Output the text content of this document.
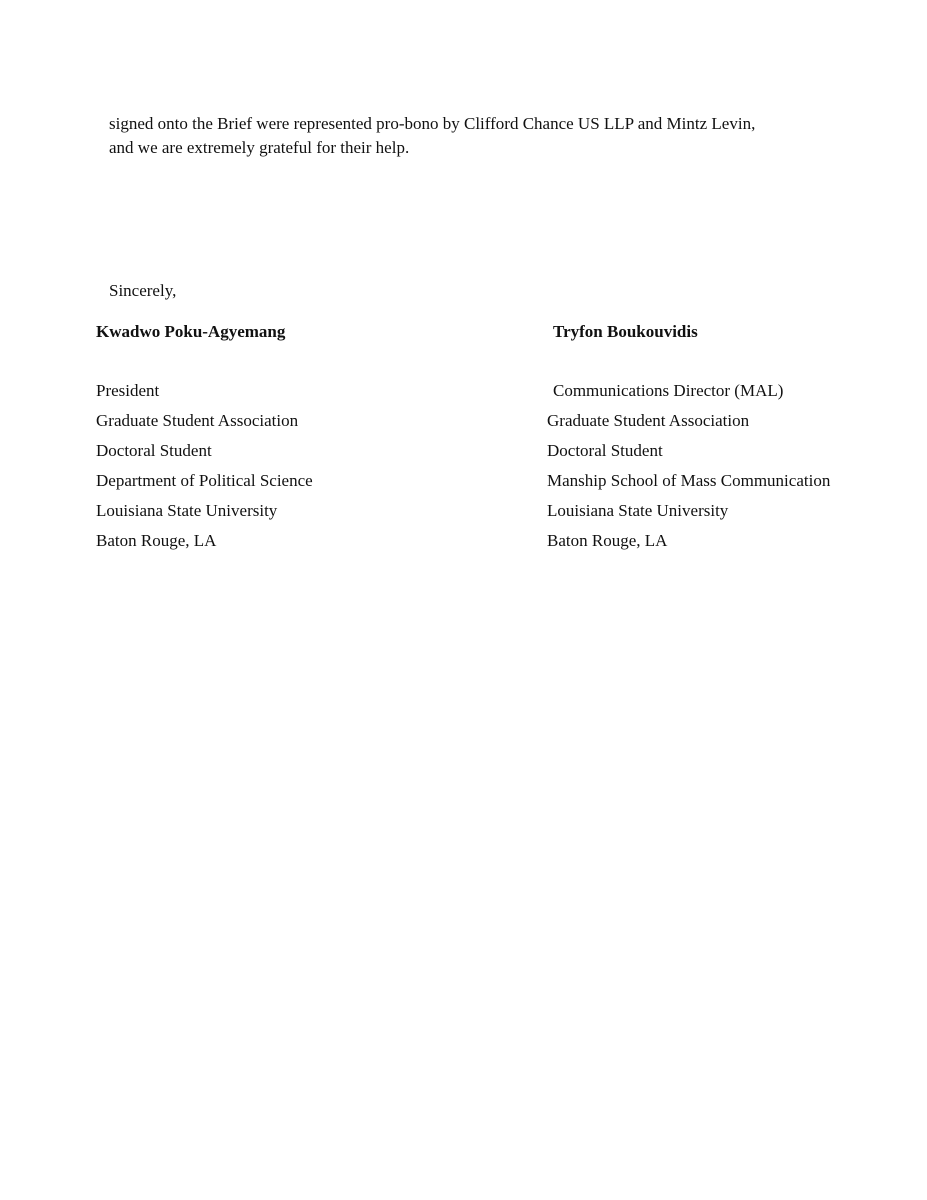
signed onto the Brief were represented pro-bono by Clifford Chance US LLP and Mintz Levin,
and we are extremely grateful for their help.
Sincerely,
Kwadwo Poku-Agyemang	Tryfon Boukouvidis
President
Graduate Student Association
Doctoral Student
Department of Political Science
Louisiana State University
Baton Rouge, LA
Communications Director (MAL)
Graduate Student Association
Doctoral Student
Manship School of Mass Communication
Louisiana State University
Baton Rouge, LA
